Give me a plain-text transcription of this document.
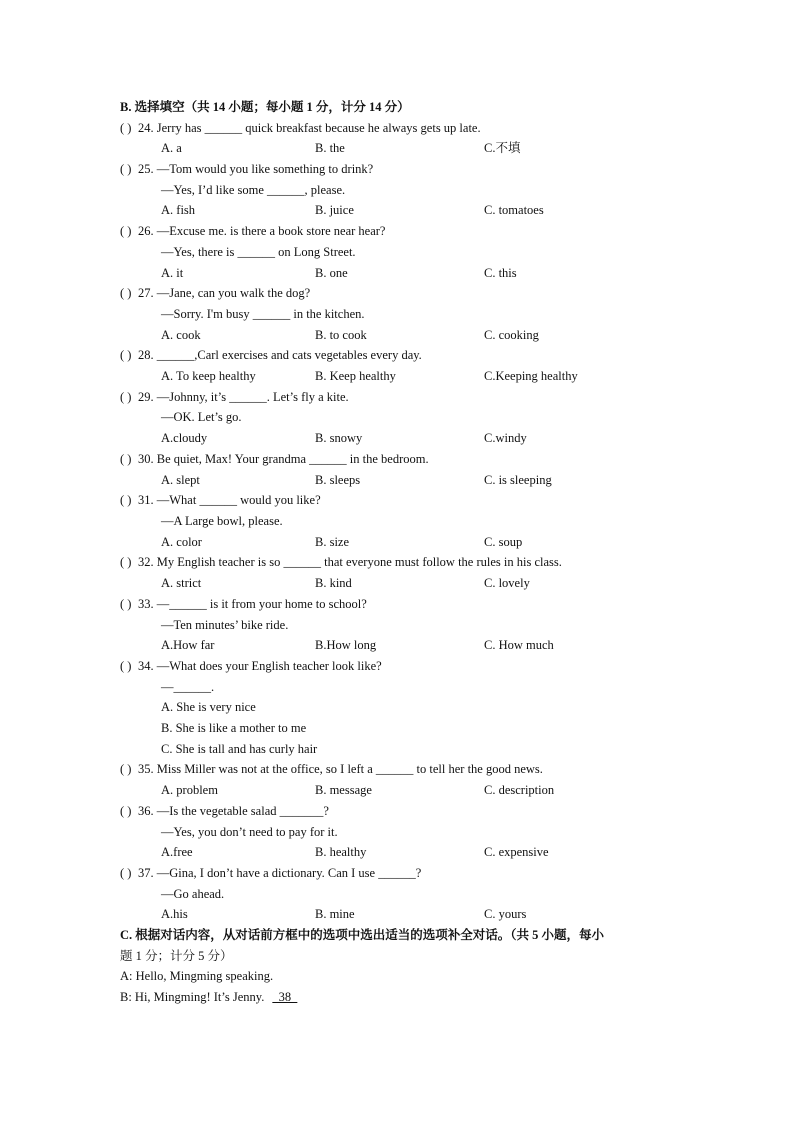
B. 选择填空（共 14 小题；每小题 1 分，计分 14 分）
( ) 24. Jerry has ______ quick breakfast because he always gets up late.
A. a	B. the	C.不填
( ) 25. —Tom would you like something to drink?
—Yes, I’d like some ______, please.
A. fish	B. juice	C. tomatoes
( ) 26. —Excuse me. is there a book store near hear?
—Yes, there is ______ on Long Street.
A. it	B. one	C. this
( ) 27. —Jane, can you walk the dog?
—Sorry. I'm busy ______ in the kitchen.
A. cook	B. to cook	C. cooking
( ) 28. ______,Carl exercises and cats vegetables every day.
A. To keep healthy	B. Keep healthy	C.Keeping healthy
( ) 29. —Johnny, it’s ______. Let’s fly a kite.
—OK. Let’s go.
A.cloudy	B. snowy	C.windy
( ) 30. Be quiet, Max! Your grandma ______ in the bedroom.
A. slept	B. sleeps	C. is sleeping
( ) 31. —What ______ would you like?
—A Large bowl, please.
A. color	B. size	C. soup
( ) 32. My English teacher is so ______ that everyone must follow the rules in his class.
A. strict	B. kind	C. lovely
( ) 33. —______ is it from your home to school?
—Ten minutes’ bike ride.
A.How far	B.How long	C. How much
( ) 34. —What does your English teacher look like?
—______.
A. She is very nice
B. She is like a mother to me
C. She is tall and has curly hair
( ) 35. Miss Miller was not at the office, so I left a ______ to tell her the good news.
A. problem	B. message	C. description
( ) 36. —Is the vegetable salad _______?
—Yes, you don’t need to pay for it.
A.free	B. healthy	C. expensive
( ) 37. —Gina, I don’t have a dictionary. Can I use ______?
—Go ahead.
A.his	B. mine	C. yours
C. 根据对话内容，从对话前方框中的选项中选出适当的选项补全对话。（共 5 小题，每小
题 1 分；计分 5 分）
A: Hello, Mingming speaking.
B: Hi, Mingming! It’s Jenny.  38
